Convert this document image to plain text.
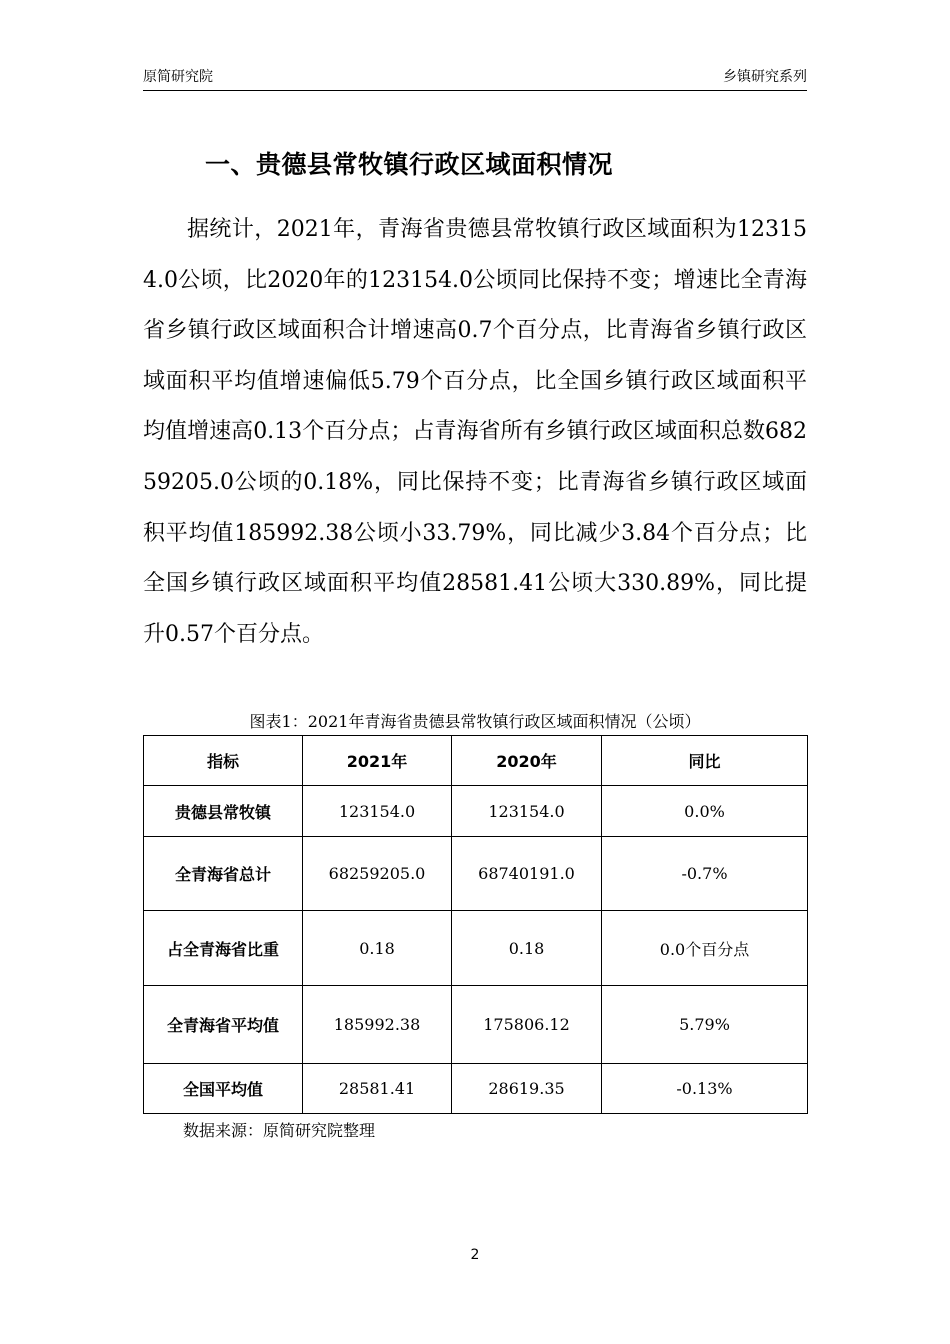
原简研究院	乡镇研究系列
一、贵德县常牧镇行政区域面积情况

据统计，2021年，青海省贵德县常牧镇行政区域面积为123154.0公顷，比2020年的123154.0公顷同比保持不变；增速比全青海省乡镇行政区域面积合计增速高0.7个百分点，比青海省乡镇行政区域面积平均值增速偏低5.79个百分点，比全国乡镇行政区域面积平均值增速高0.13个百分点；占青海省所有乡镇行政区域面积总数68259205.0公顷的0.18%，同比保持不变；比青海省乡镇行政区域面积平均值185992.38公顷小33.79%，同比减少3.84个百分点；比全国乡镇行政区域面积平均值28581.41公顷大330.89%，同比提升0.57个百分点。

图表1：2021年青海省贵德县常牧镇行政区域面积情况（公顷）
指标	2021年	2020年	同比
贵德县常牧镇	123154.0	123154.0	0.0%
全青海省总计	68259205.0	68740191.0	-0.7%
占全青海省比重	0.18	0.18	0.0个百分点
全青海省平均值	185992.38	175806.12	5.79%
全国平均值	28581.41	28619.35	-0.13%
数据来源：原简研究院整理
2
